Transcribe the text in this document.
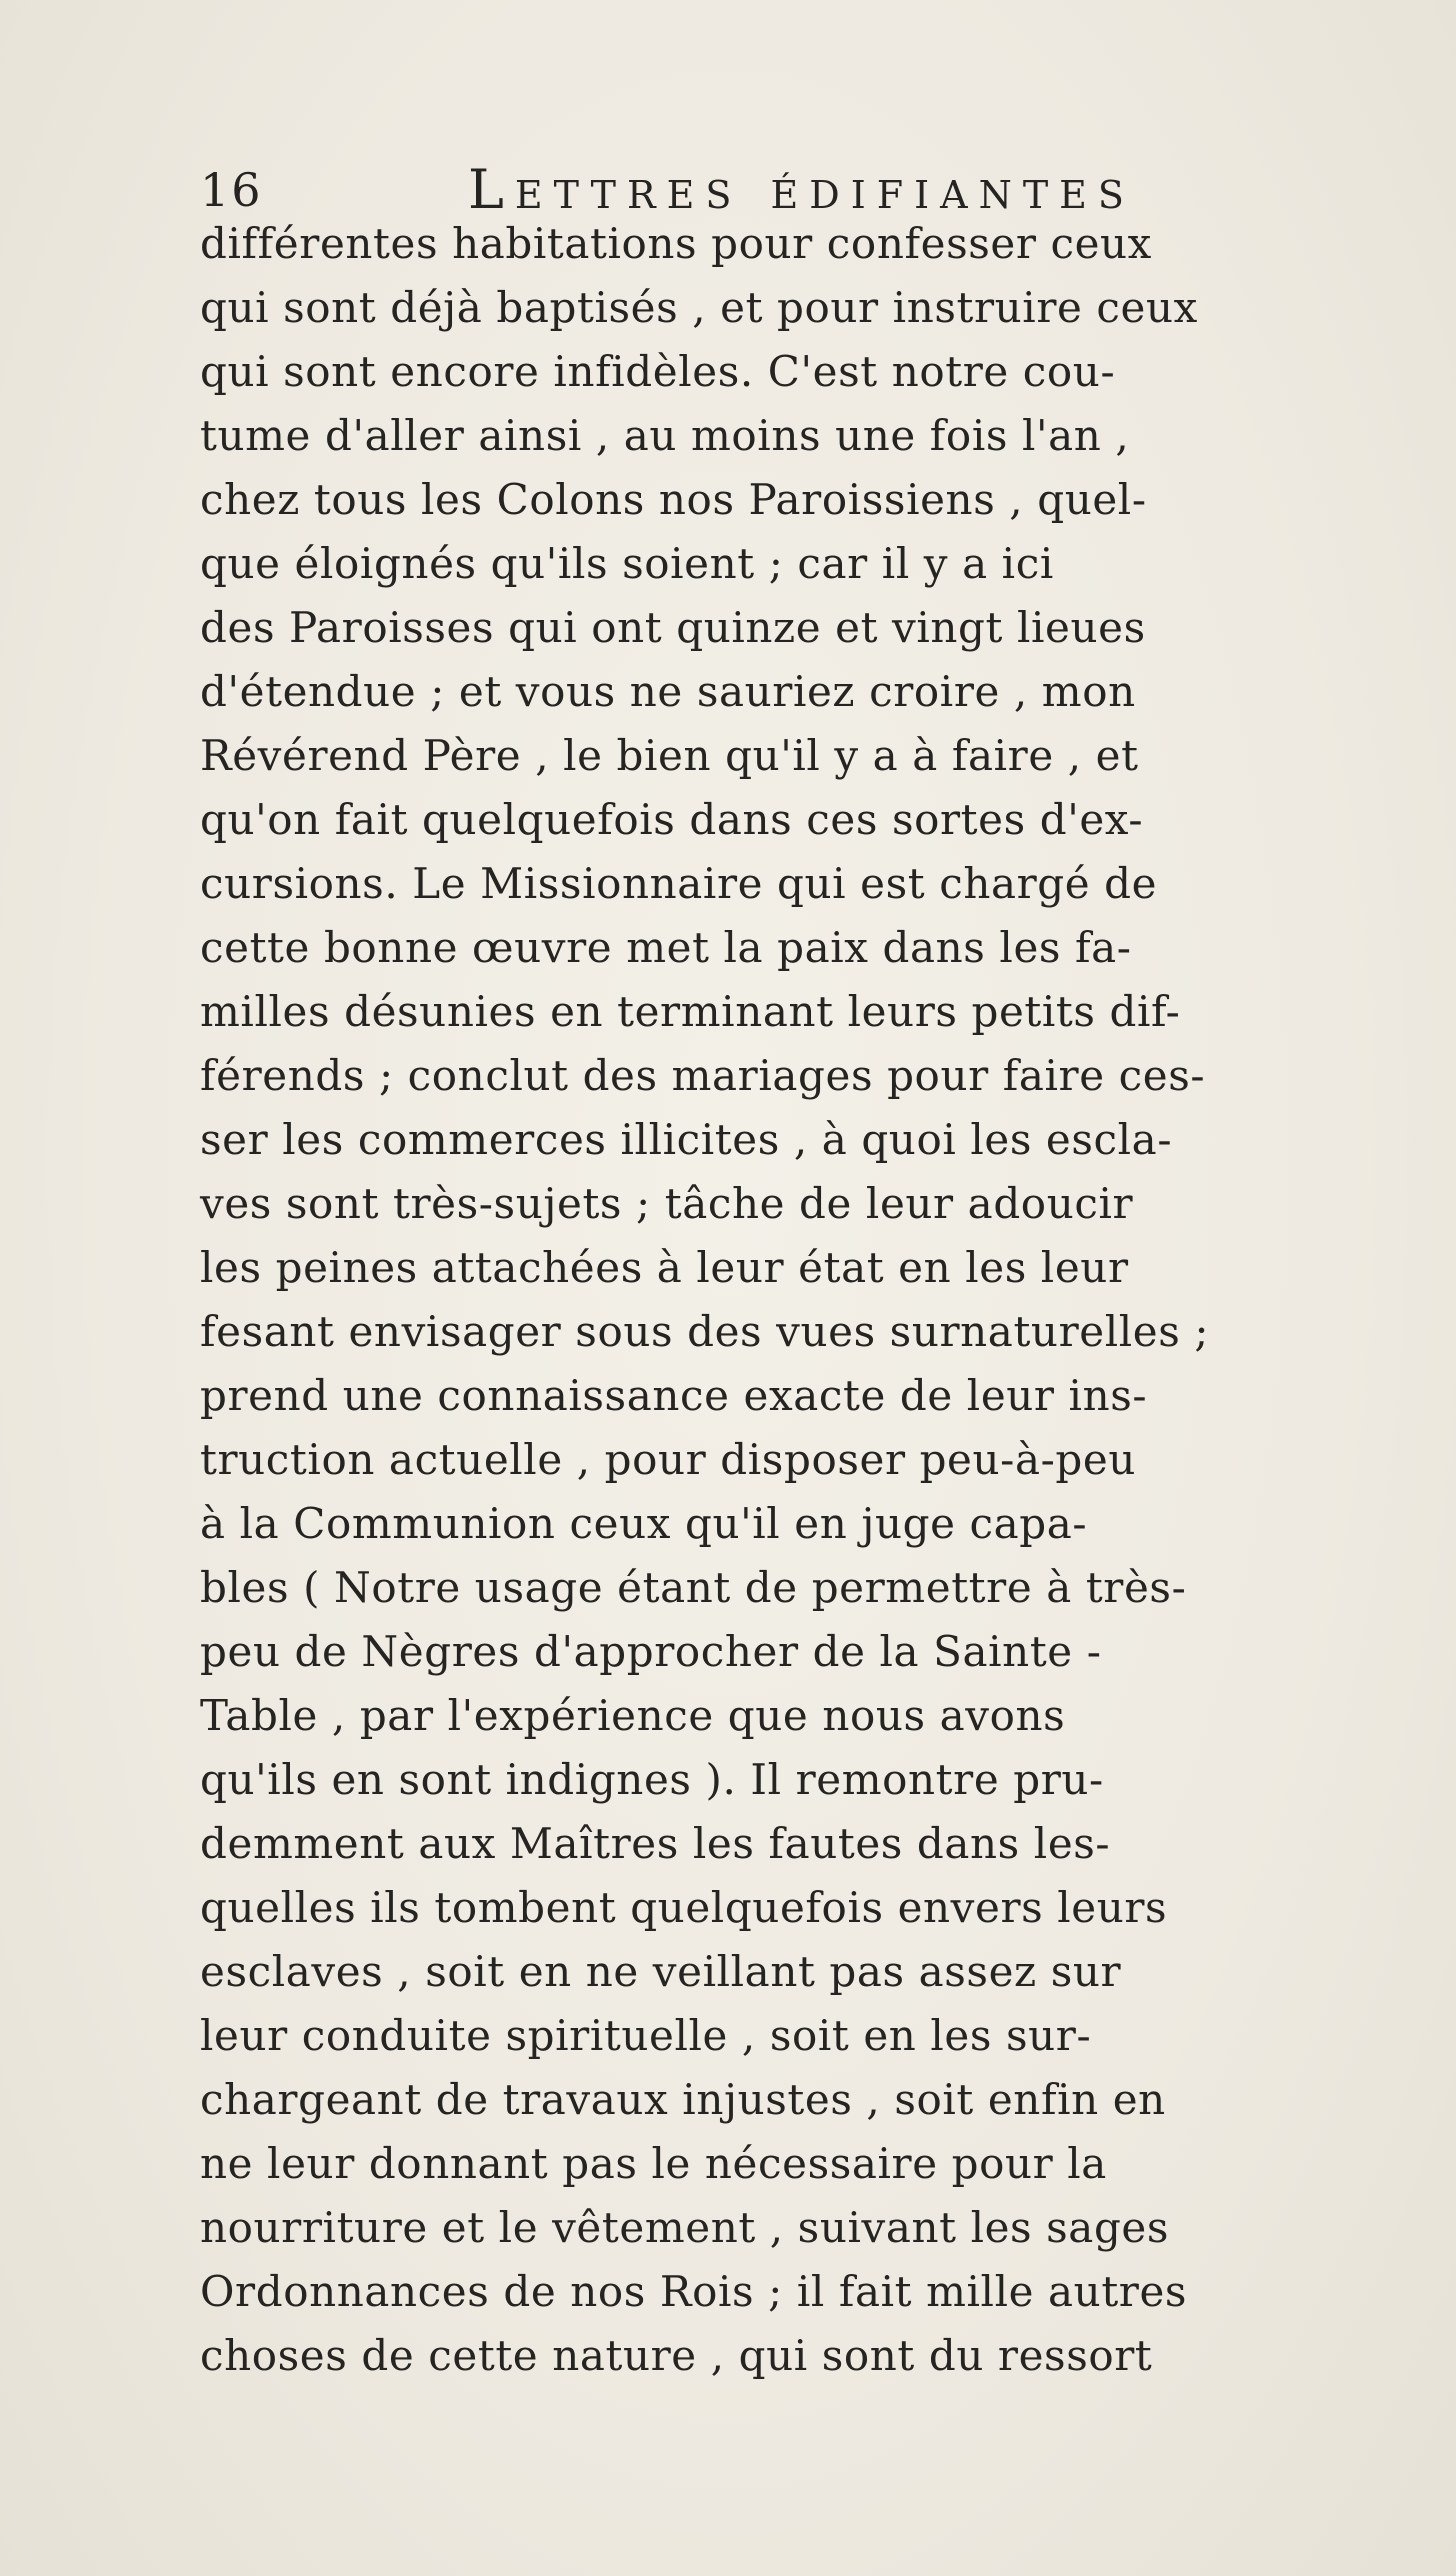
16	Lettres édifiantes
différentes habitations pour confesser ceux
qui sont déjà baptisés , et pour instruire ceux
qui sont encore infidèles. C'est notre cou-
tume d'aller ainsi , au moins une fois l'an ,
chez tous les Colons nos Paroissiens , quel-
que éloignés qu'ils soient ; car il y a ici
des Paroisses qui ont quinze et vingt lieues
d'étendue ; et vous ne sauriez croire , mon
Révérend Père , le bien qu'il y a à faire , et
qu'on fait quelquefois dans ces sortes d'ex-
cursions. Le Missionnaire qui est chargé de
cette bonne œuvre met la paix dans les fa-
milles désunies en terminant leurs petits dif-
férends ; conclut des mariages pour faire ces-
ser les commerces illicites , à quoi les escla-
ves sont très-sujets ; tâche de leur adoucir
les peines attachées à leur état en les leur
fesant envisager sous des vues surnaturelles ;
prend une connaissance exacte de leur ins-
truction actuelle , pour disposer peu-à-peu
à la Communion ceux qu'il en juge capa-
bles ( Notre usage étant de permettre à très-
peu de Nègres d'approcher de la Sainte -
Table , par l'expérience que nous avons
qu'ils en sont indignes ). Il remontre pru-
demment aux Maîtres les fautes dans les-
quelles ils tombent quelquefois envers leurs
esclaves , soit en ne veillant pas assez sur
leur conduite spirituelle , soit en les sur-
chargeant de travaux injustes , soit enfin en
ne leur donnant pas le nécessaire pour la
nourriture et le vêtement , suivant les sages
Ordonnances de nos Rois ; il fait mille autres
choses de cette nature , qui sont du ressort
